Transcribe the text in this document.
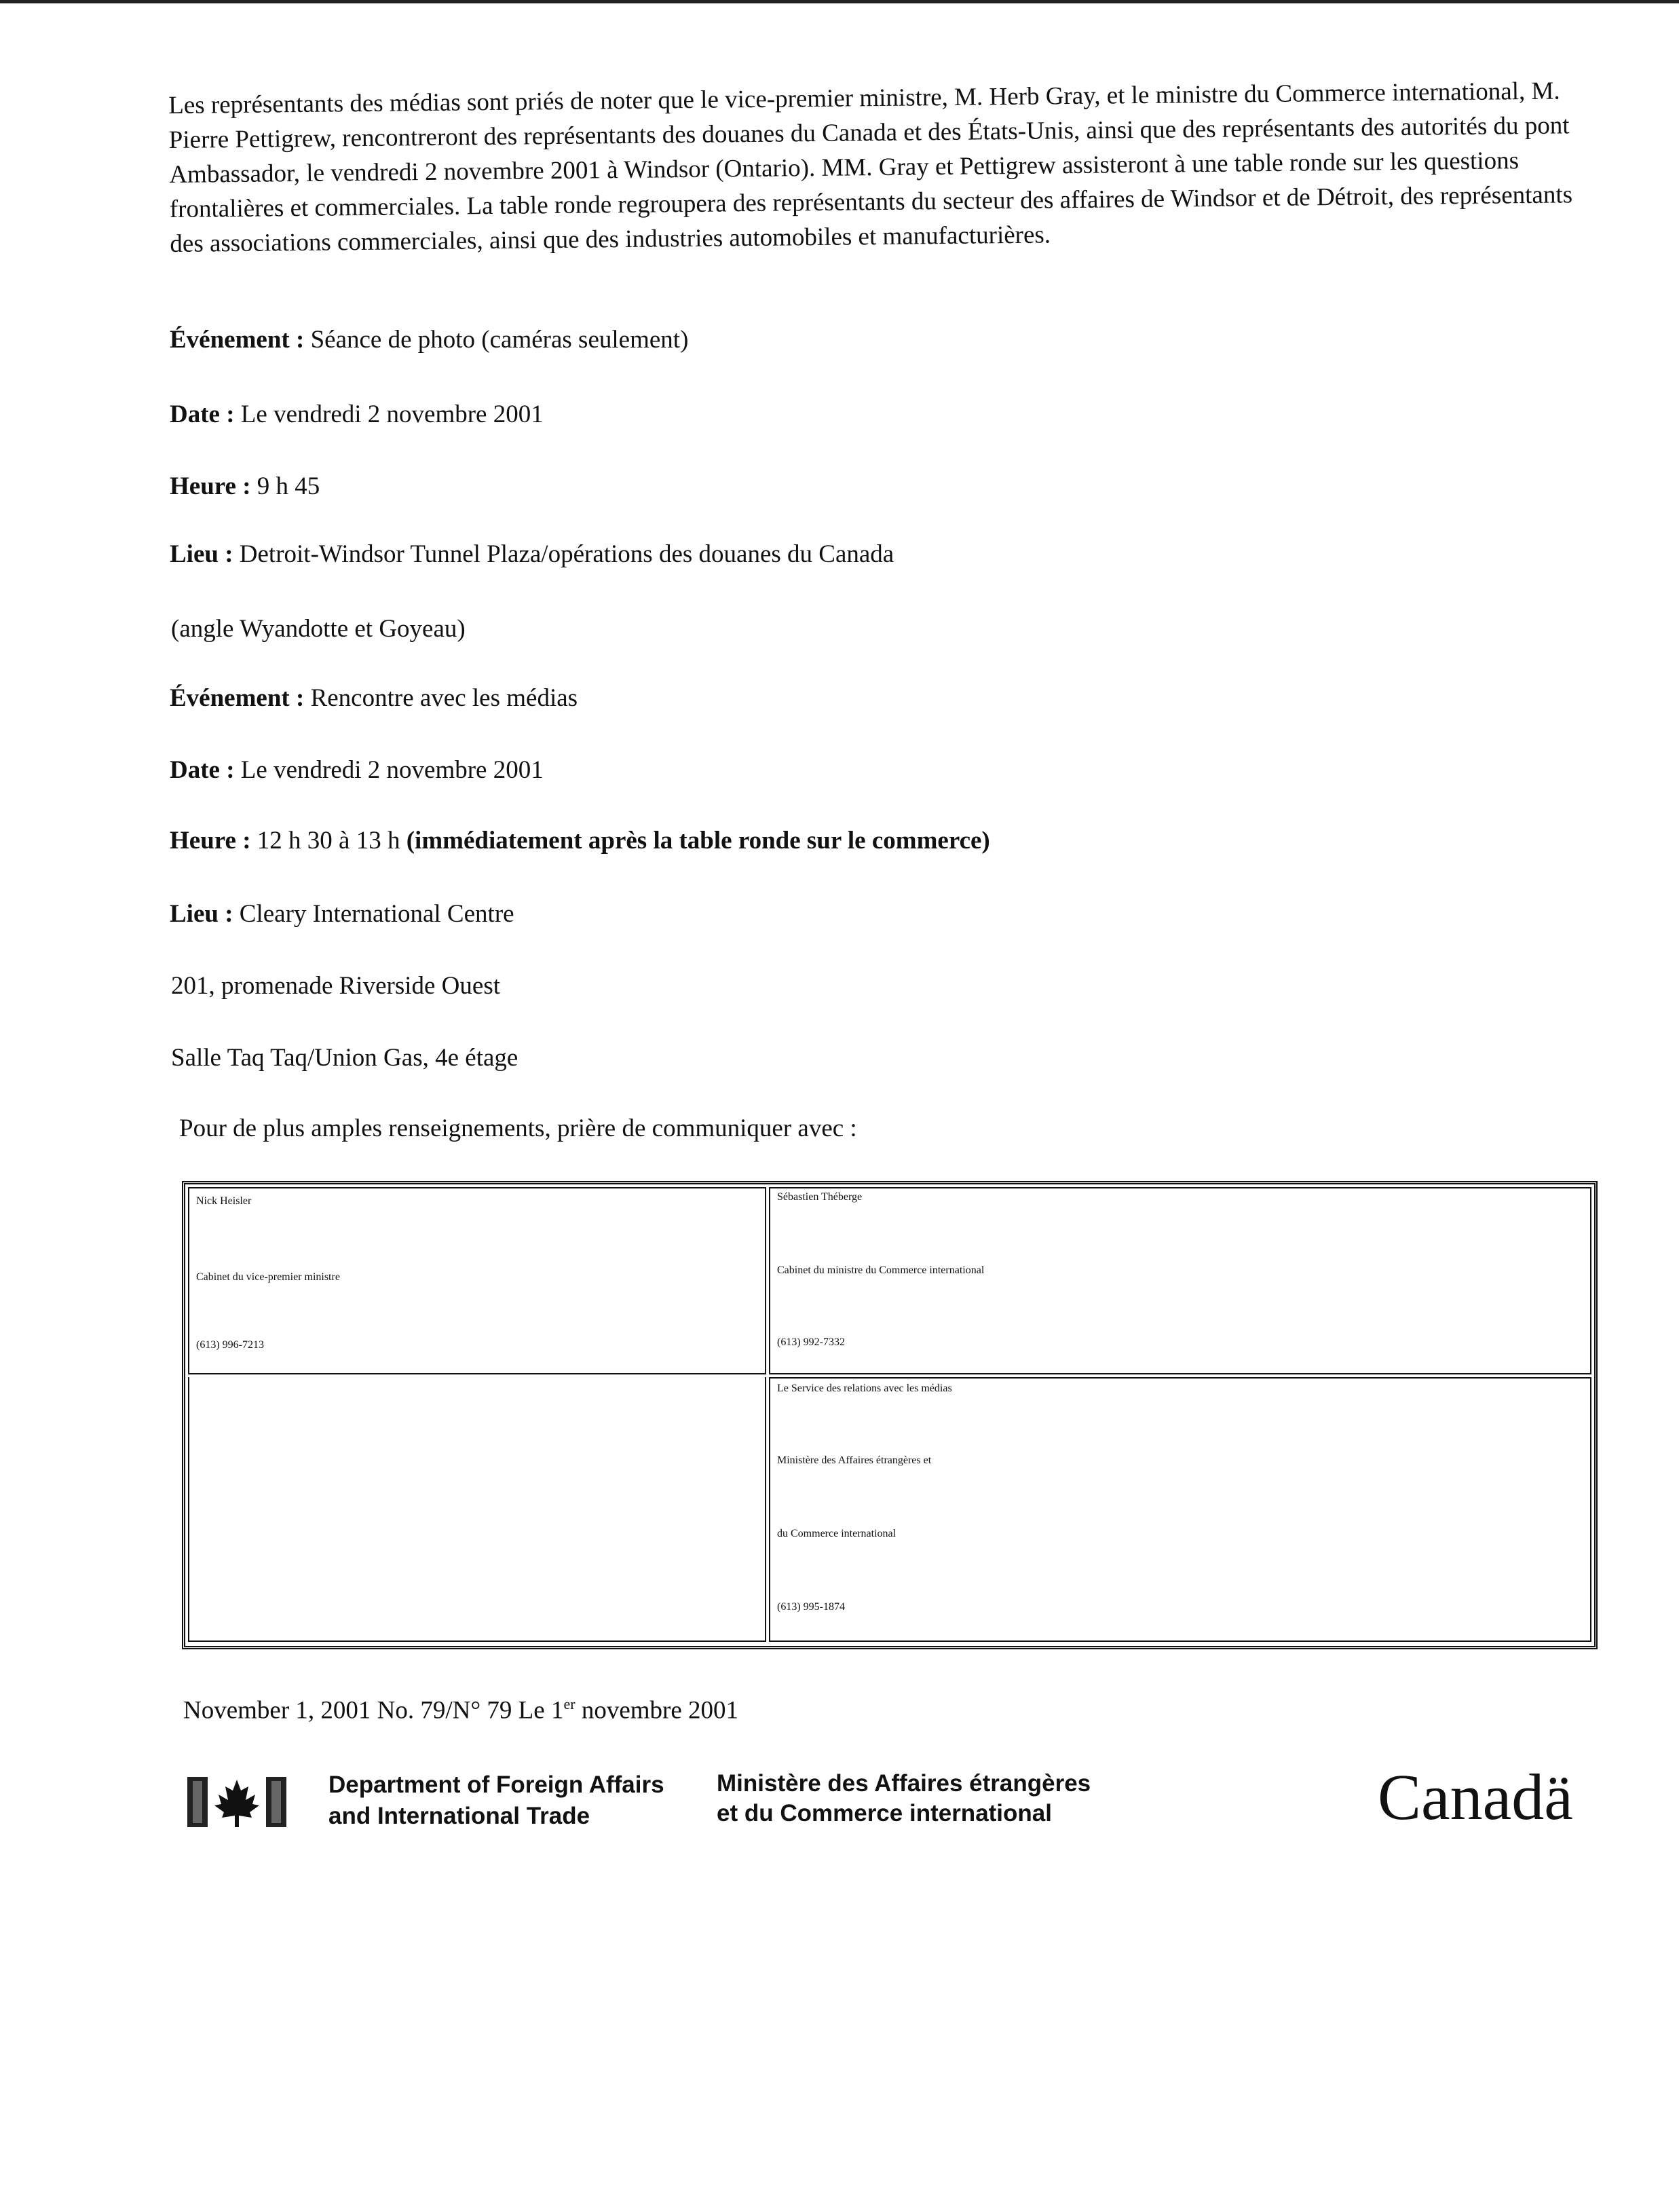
Les représentants des médias sont priés de noter que le vice-premier ministre, M. Herb Gray, et le ministre du Commerce international, M. Pierre Pettigrew, rencontreront des représentants des douanes du Canada et des États-Unis, ainsi que des représentants des autorités du pont Ambassador, le vendredi 2 novembre 2001 à Windsor (Ontario). MM. Gray et Pettigrew assisteront à une table ronde sur les questions frontalières et commerciales. La table ronde regroupera des représentants du secteur des affaires de Windsor et de Détroit, des représentants des associations commerciales, ainsi que des industries automobiles et manufacturières.

Événement : Séance de photo (caméras seulement)
Date : Le vendredi 2 novembre 2001
Heure : 9 h 45
Lieu : Detroit-Windsor Tunnel Plaza/opérations des douanes du Canada
(angle Wyandotte et Goyeau)
Événement : Rencontre avec les médias
Date : Le vendredi 2 novembre 2001
Heure : 12 h 30 à 13 h (immédiatement après la table ronde sur le commerce)
Lieu : Cleary International Centre
201, promenade Riverside Ouest
Salle Taq Taq/Union Gas, 4e étage
Pour de plus amples renseignements, prière de communiquer avec :
Nick Heisler
Cabinet du vice-premier ministre
(613) 996-7213
Sébastien Théberge
Cabinet du ministre du Commerce international
(613) 992-7332
Le Service des relations avec les médias
Ministère des Affaires étrangères et
du Commerce international
(613) 995-1874
November 1, 2001 No. 79/N° 79 Le 1er novembre 2001
Department of Foreign Affairs
and International Trade
Ministère des Affaires étrangères
et du Commerce international	Canadä
